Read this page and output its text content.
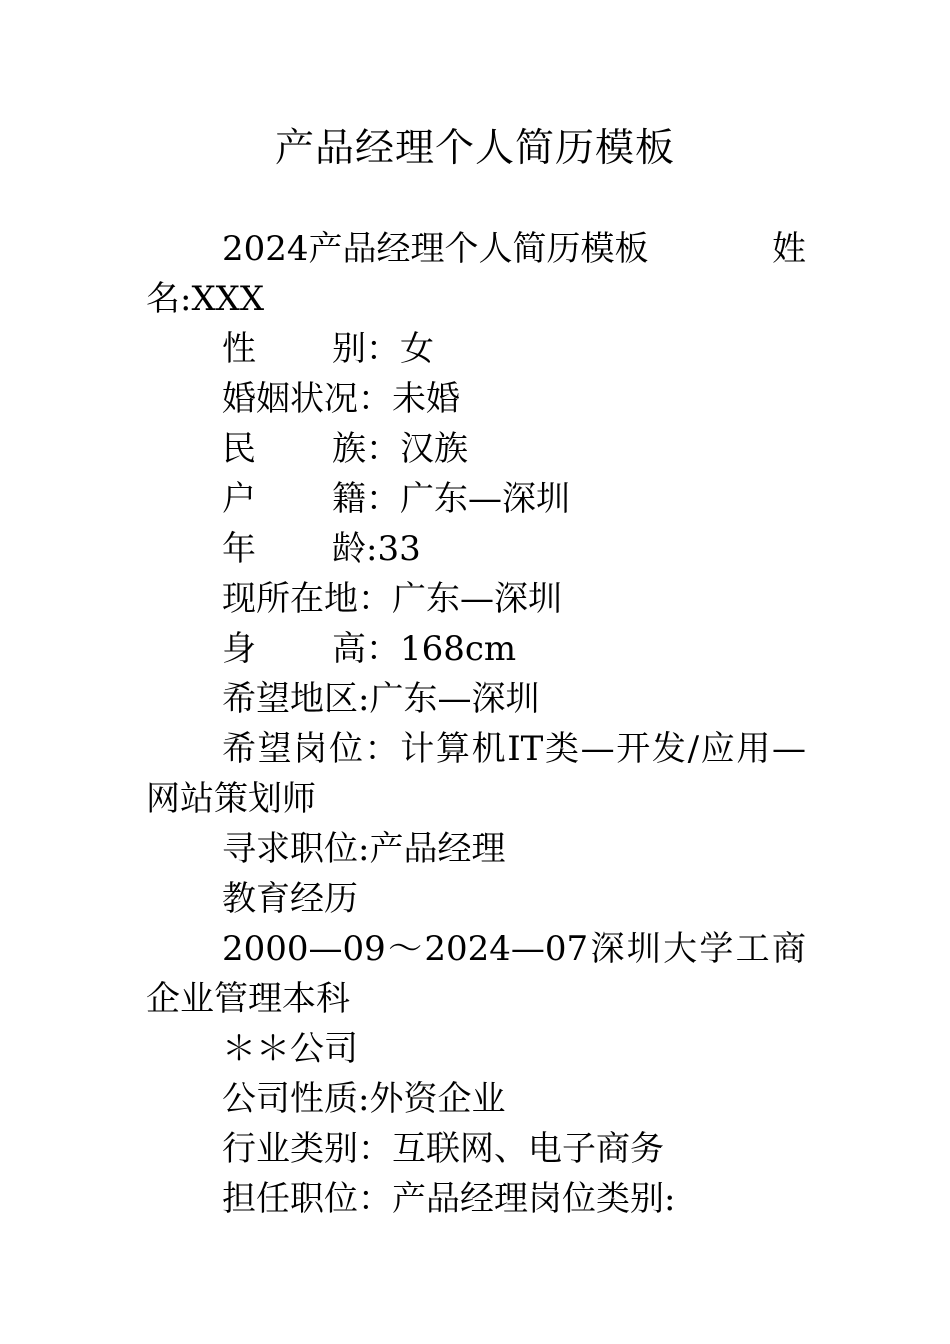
产品经理个人简历模板

2024产品经理个人简历模板	姓

名:XXX

性 别：女

婚姻状况：未婚

民 族：汉族

户 籍：广东—深圳

年 龄:33

现所在地：广东—深圳

身 高：168cm

希望地区:广东—深圳

希望岗位：计算机IT类—开发/应用—网站策划师

寻求职位:产品经理

教育经历

2000—09～2024—07深圳大学工商企业管理本科

＊＊公司

公司性质:外资企业

行业类别：互联网、电子商务

担任职位：产品经理岗位类别:
